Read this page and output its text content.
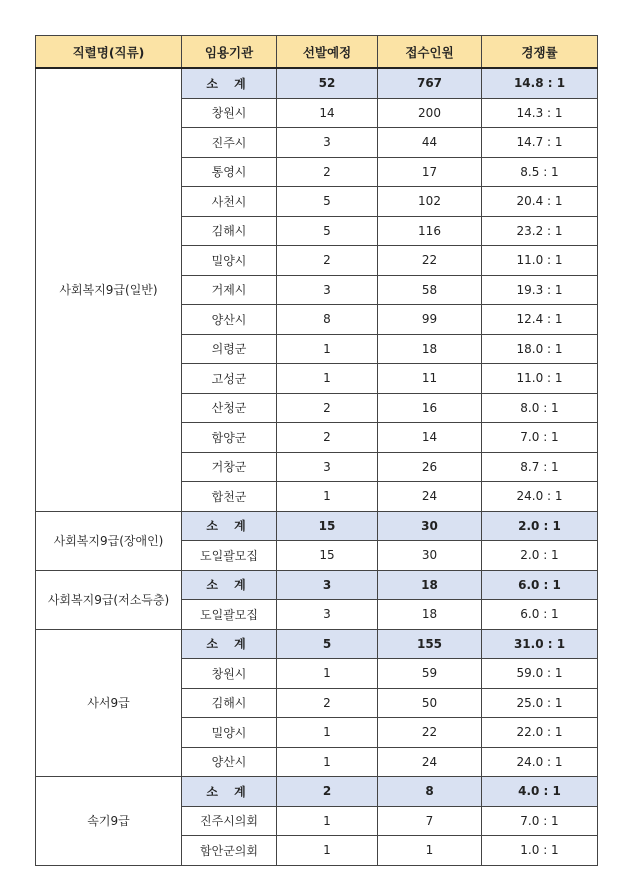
직렬명(직류)	임용기관	선발예정	접수인원	경쟁률
사회복지9급(일반)	소 계	52	767	14.8 : 1
	창원시	14	200	14.3 : 1
	진주시	3	44	14.7 : 1
	통영시	2	17	8.5 : 1
	사천시	5	102	20.4 : 1
	김해시	5	116	23.2 : 1
	밀양시	2	22	11.0 : 1
	거제시	3	58	19.3 : 1
	양산시	8	99	12.4 : 1
	의령군	1	18	18.0 : 1
	고성군	1	11	11.0 : 1
	산청군	2	16	8.0 : 1
	함양군	2	14	7.0 : 1
	거창군	3	26	8.7 : 1
	합천군	1	24	24.0 : 1
사회복지9급(장애인)	소 계	15	30	2.0 : 1
	도일괄모집	15	30	2.0 : 1
사회복지9급(저소득층)	소 계	3	18	6.0 : 1
	도일괄모집	3	18	6.0 : 1
사서9급	소 계	5	155	31.0 : 1
	창원시	1	59	59.0 : 1
	김해시	2	50	25.0 : 1
	밀양시	1	22	22.0 : 1
	양산시	1	24	24.0 : 1
속기9급	소 계	2	8	4.0 : 1
	진주시의회	1	7	7.0 : 1
	함안군의회	1	1	1.0 : 1
